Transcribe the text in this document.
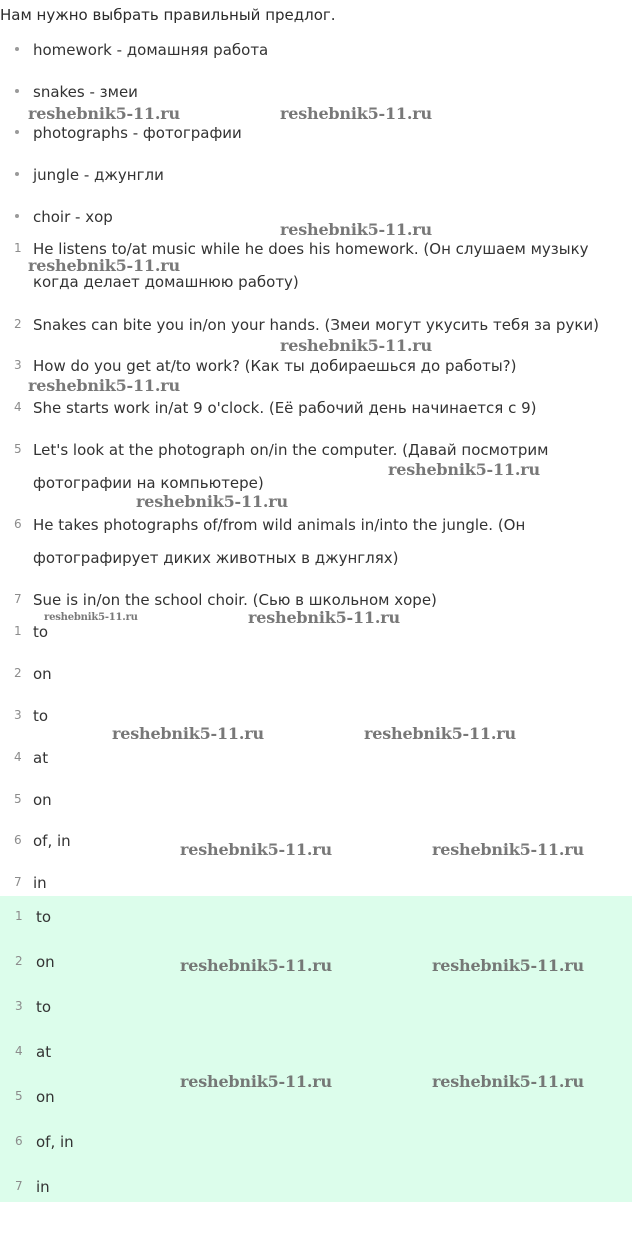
Нам нужно выбрать правильный предлог.
homework - домашняя работа
snakes - змеи
photographs - фотографии
jungle - джунгли
choir - хор
1 He listens to/at music while he does his homework. (Он слушаем музыку
когда делает домашнюю работу)
2 Snakes can bite you in/on your hands. (Змеи могут укусить тебя за руки)
3 How do you get at/to work? (Как ты добираешься до работы?)
4 She starts work in/at 9 o'clock. (Её рабочий день начинается с 9)
5 Let's look at the photograph on/in the computer. (Давай посмотрим
фотографии на компьютере)
6 He takes photographs of/from wild animals in/into the jungle. (Он
фотографирует диких животных в джунглях)
7 Sue is in/on the school choir. (Сью в школьном хоре)
1 to
2 on
3 to
4 at
5 on
6 of, in
7 in
1 to
2 on
3 to
4 at
5 on
6 of, in
7 in
reshebnik5-11.ru	reshebnik5-11.ru
reshebnik5-11.ru
reshebnik5-11.ru
reshebnik5-11.ru
reshebnik5-11.ru
reshebnik5-11.ru
reshebnik5-11.ru
reshebnik5-11.ru	reshebnik5-11.ru
reshebnik5-11.ru	reshebnik5-11.ru
reshebnik5-11.ru	reshebnik5-11.ru
reshebnik5-11.ru	reshebnik5-11.ru
reshebnik5-11.ru	reshebnik5-11.ru
